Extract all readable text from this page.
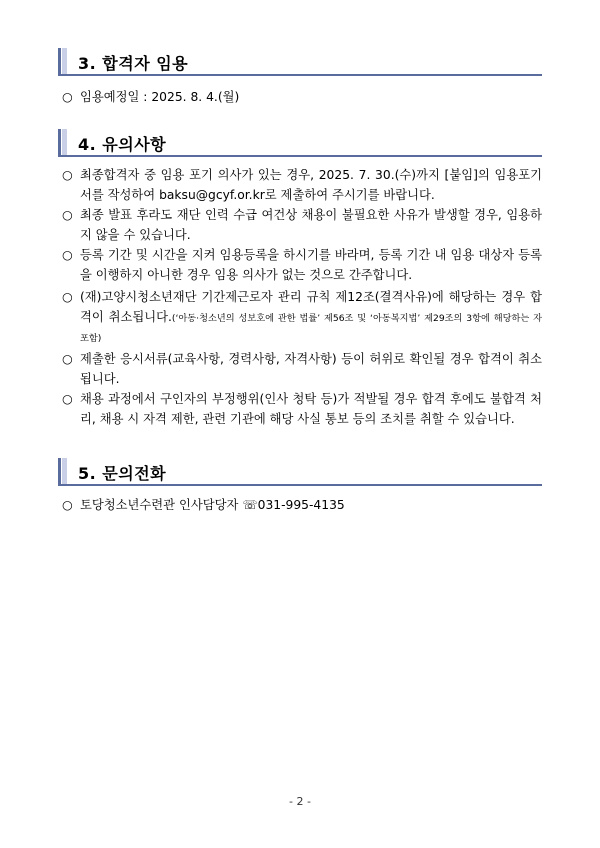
3. 합격자 임용
○ 임용예정일 : 2025. 8. 4.(월)
4. 유의사항
○ 최종합격자 중 임용 포기 의사가 있는 경우, 2025. 7. 30.(수)까지 [붙임]의 임용포기서를 작성하여 baksu@gcyf.or.kr로 제출하여 주시기를 바랍니다.
○ 최종 발표 후라도 재단 인력 수급 여건상 채용이 불필요한 사유가 발생할 경우, 임용하지 않을 수 있습니다.
○ 등록 기간 및 시간을 지켜 임용등록을 하시기를 바라며, 등록 기간 내 임용 대상자 등록을 이행하지 아니한 경우 임용 의사가 없는 것으로 간주합니다.
○ (재)고양시청소년재단 기간제근로자 관리 규칙 제12조(결격사유)에 해당하는 경우 합격이 취소됩니다.(‘아동·청소년의 성보호에 관한 법률’ 제56조 및 ‘아동복지법’ 제29조의 3항에 해당하는 자 포함)
○ 제출한 응시서류(교육사항, 경력사항, 자격사항) 등이 허위로 확인될 경우 합격이 취소됩니다.
○ 채용 과정에서 구인자의 부정행위(인사 청탁 등)가 적발될 경우 합격 후에도 불합격 처리, 채용 시 자격 제한, 관련 기관에 해당 사실 통보 등의 조치를 취할 수 있습니다.
5. 문의전화
○ 토당청소년수련관 인사담당자 ☏031-995-4135
- 2 -
